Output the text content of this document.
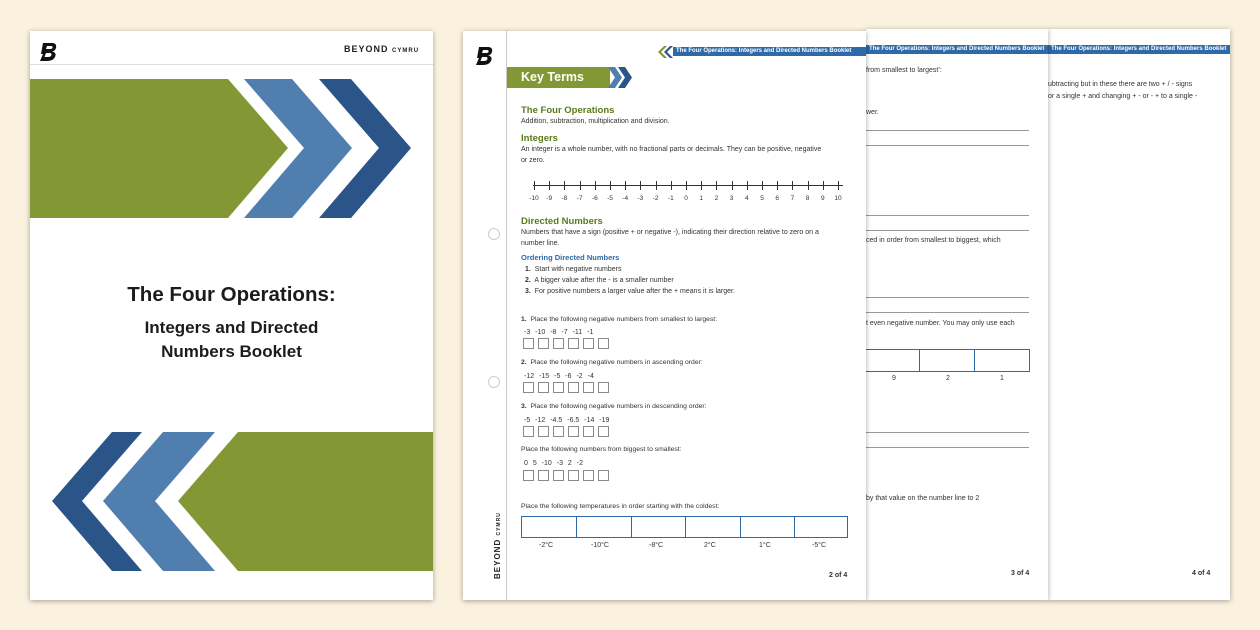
The Four Operations: Integers and Directed Numbers Booklet
ubtracting but in these there are two + / - signs
or a single + and changing + - or - + to a single -
4 of 4
The Four Operations: Integers and Directed Numbers Booklet
from smallest to largest':
wer.
ced in order from smallest to biggest, which
t even negative number. You may only use each
9	2	1
by that value on the number line to 2
3 of 4
BEYOND CYMRU
The Four Operations: Integers and Directed Numbers Booklet
Key Terms
The Four Operations
Addition, subtraction, multiplication and division.
Integers
An integer is a whole number, with no fractional parts or decimals. They can be positive, negative
or zero.
-10	-9	-8	-7	-6	-5	-4	-3	-2	-1	0	1	2	3	4	5	6	7	8	9	10
Directed Numbers
Numbers that have a sign (positive + or negative -), indicating their direction relative to zero on a
number line.
Ordering Directed Numbers
1. Start with negative numbers
2. A bigger value after the - is a smaller number
3. For positive numbers a larger value after the + means it is larger.
1. Place the following negative numbers from smallest to largest:
-3 -10 -8 -7 -11 -1
2. Place the following negative numbers in ascending order:
-12 -15 -5 -6 -2 -4
3. Place the following negative numbers in descending order:
-5 -12 -4.5 -6.5 -14 -19
Place the following numbers from biggest to smallest:
0 5 -10 -3 2 -2
Place the following temperatures in order starting with the coldest:
-2°C	-10°C	-8°C	2°C	1°C	-5°C
2 of 4
BEYOND CYMRU
The Four Operations:
Integers and Directed
Numbers Booklet
